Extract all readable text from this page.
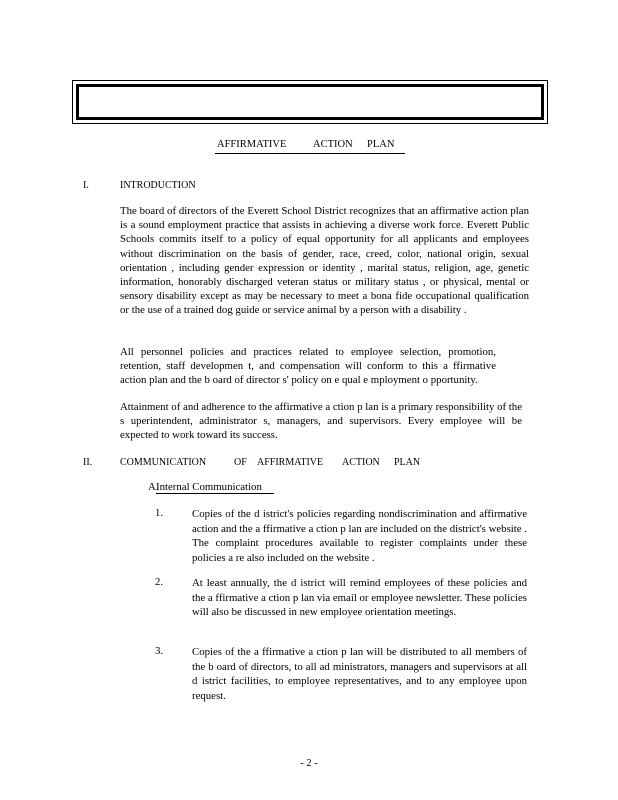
AFFIRMATIVE	ACTION PLAN
I.	INTRODUCTION
The board of directors of the Everett School District recognizes that an affirmative action plan is a sound employment practice that assists in achieving a diverse work force. Everett Public Schools commits itself to a policy of equal opportunity for all applicants and employees without discrimination on the basis of gender, race, creed, color, national origin, sexual orientation , including gender expression or identity , marital status, religion, age, genetic information, honorably discharged veteran status or military status , or physical, mental or sensory disability except as may be necessary to meet a bona fide occupational qualification or the use of a trained dog guide or service animal by a person with a disability .
All personnel policies and practices related to employee selection, promotion, retention, staff developmen t, and compensation will conform to this a ffirmative action plan and the b oard of director s' policy on e qual e mployment o pportunity.
Attainment of and adherence to the affirmative a ction p lan is a primary responsibility of the s uperintendent, administrator s, managers, and supervisors. Every employee will be expected to work toward its success.
II.	COMMUNICATION	OF AFFIRMATIVE ACTION PLAN
A.
Internal Communication
1.	Copies of the d istrict's policies regarding nondiscrimination and affirmative action and the a ffirmative a ction p lan are included on the district's website . The complaint procedures available to register complaints under these policies a re also included on the website .
2.	At least annually, the d istrict will remind employees of these policies and the a ffirmative a ction p lan via email or employee newsletter. These policies will also be discussed in new employee orientation meetings.
3.	Copies of the a ffirmative a ction p lan will be distributed to all members of the b oard of directors, to all ad ministrators, managers and supervisors at all d istrict facilities, to employee representatives, and to any employee upon request.
- 2 -
